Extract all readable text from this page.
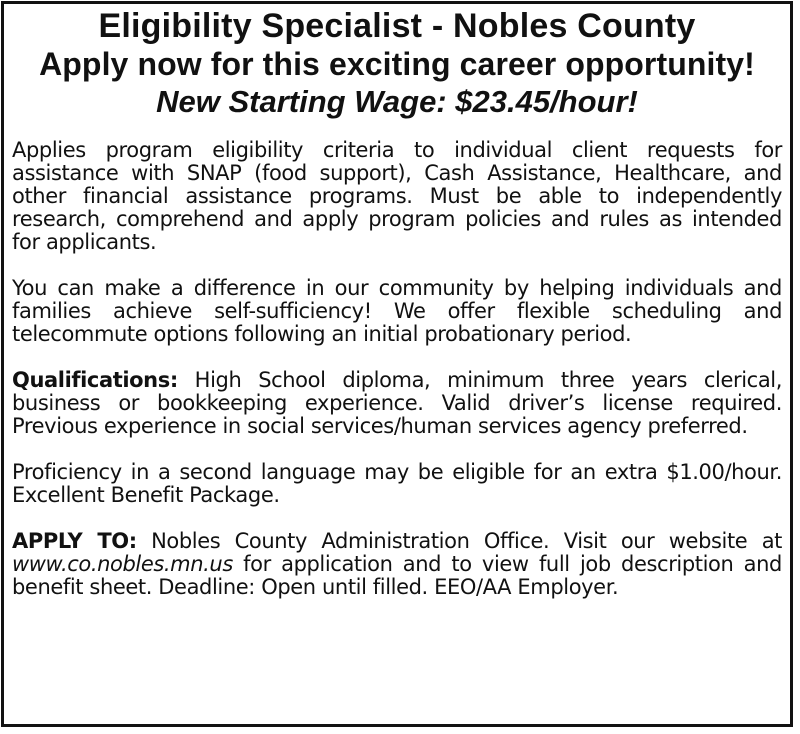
Eligibility Specialist - Nobles County
Apply now for this exciting career opportunity!
New Starting Wage: $23.45/hour!

Applies program eligibility criteria to individual client requests for assistance with SNAP (food support), Cash Assistance, Healthcare, and other financial assistance programs. Must be able to independently research, comprehend and apply program policies and rules as intended for applicants.

You can make a difference in our community by helping individuals and families achieve self-sufficiency! We offer flexible scheduling and telecommute options following an initial probationary period.

Qualifications: High School diploma, minimum three years clerical, business or bookkeeping experience. Valid driver’s license required. Previous experience in social services/human services agency preferred.

Proficiency in a second language may be eligible for an extra $1.00/hour. Excellent Benefit Package.

APPLY TO: Nobles County Administration Office. Visit our website at www.co.nobles.mn.us for application and to view full job description and benefit sheet. Deadline: Open until filled. EEO/AA Employer.
